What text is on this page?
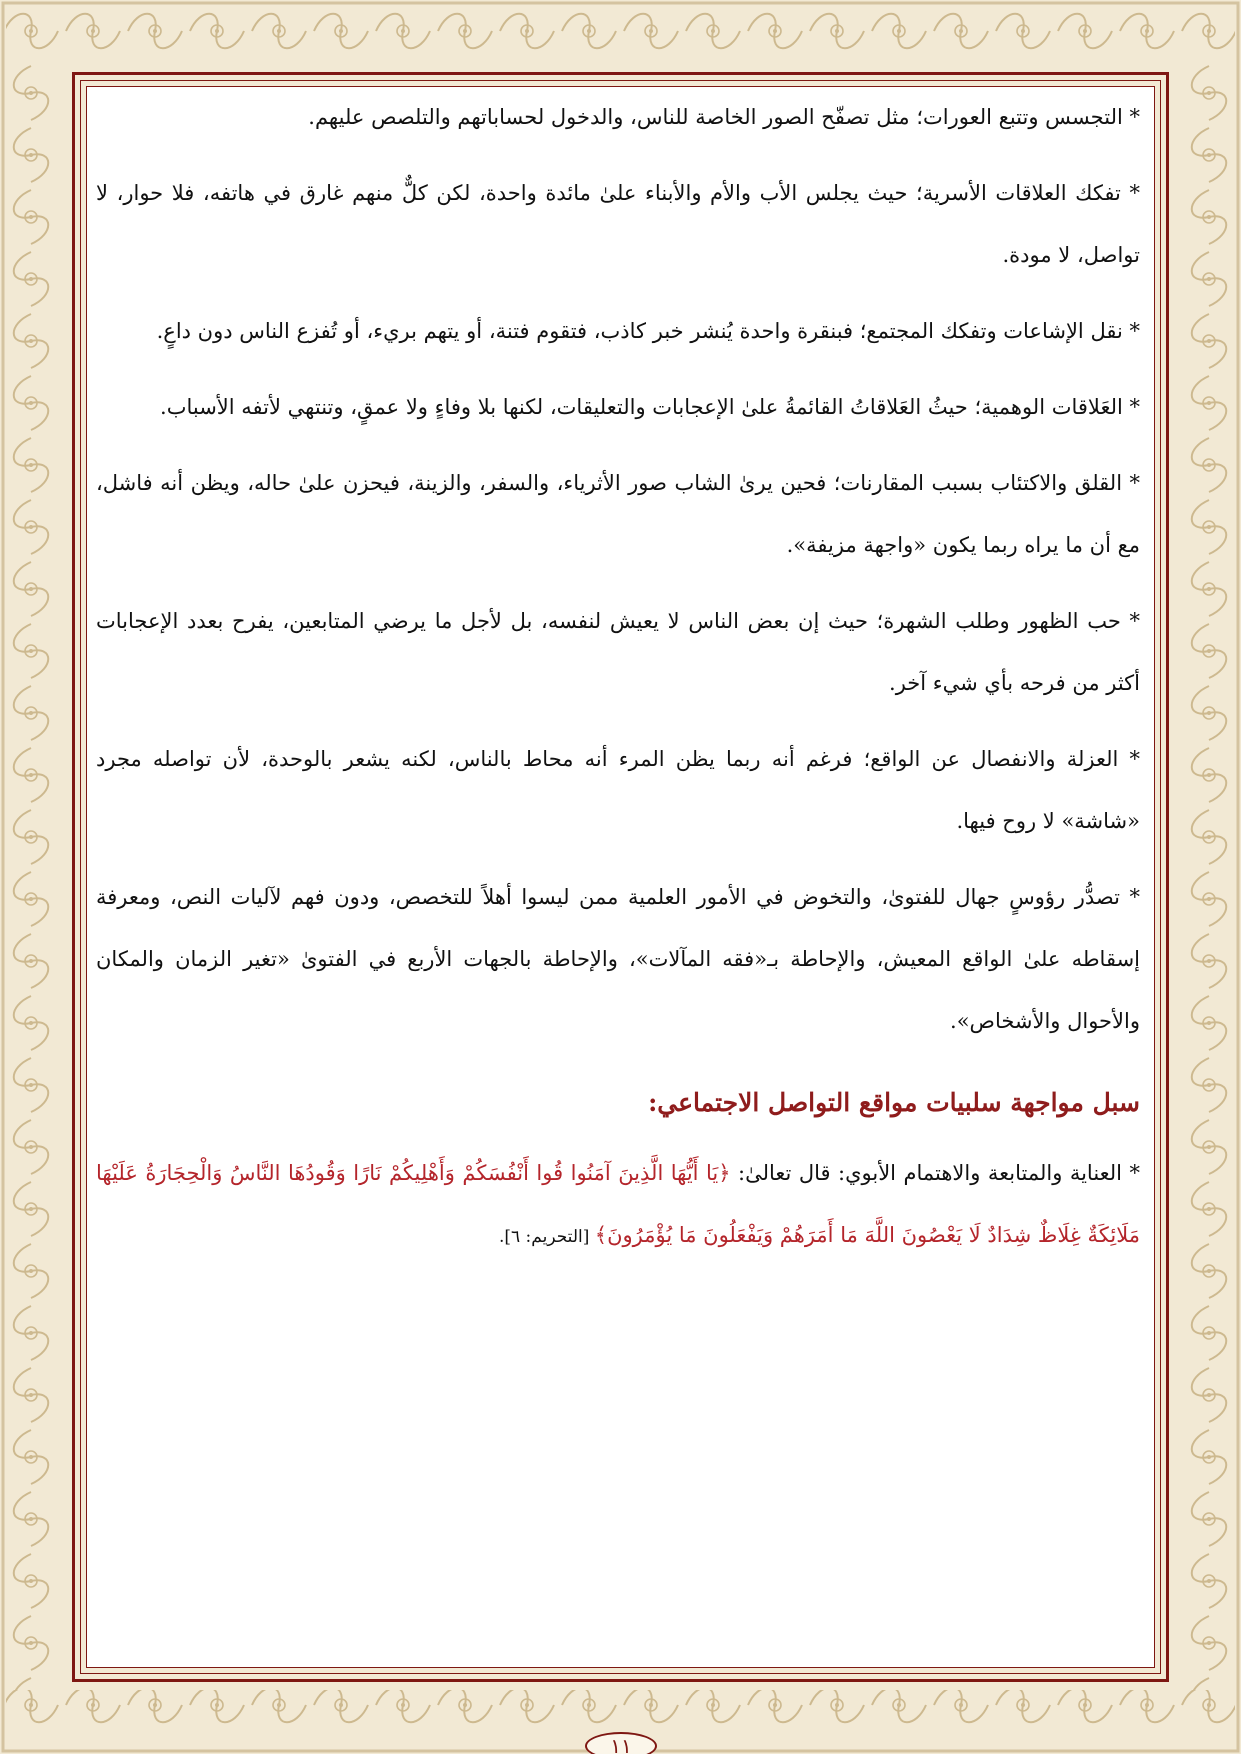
* التجسس وتتبع العورات؛ مثل تصفّح الصور الخاصة للناس، والدخول لحساباتهم والتلصص عليهم.

* تفكك العلاقات الأسرية؛ حيث يجلس الأب والأم والأبناء علىٰ مائدة واحدة، لكن كلٌّ منهم غارق في هاتفه، فلا حوار، لا تواصل، لا مودة.

* نقل الإشاعات وتفكك المجتمع؛ فبنقرة واحدة يُنشر خبر كاذب، فتقوم فتنة، أو يتهم بريء، أو تُفزع الناس دون داعٍ.

* العَلاقات الوهمية؛ حيثُ العَلاقاتُ القائمةُ علىٰ الإعجابات والتعليقات، لكنها بلا وفاءٍ ولا عمقٍ، وتنتهي لأتفه الأسباب.

* القلق والاكتئاب بسبب المقارنات؛ فحين يرىٰ الشاب صور الأثرياء، والسفر، والزينة، فيحزن علىٰ حاله، ويظن أنه فاشل، مع أن ما يراه ربما يكون «واجهة مزيفة».

* حب الظهور وطلب الشهرة؛ حيث إن بعض الناس لا يعيش لنفسه، بل لأجل ما يرضي المتابعين، يفرح بعدد الإعجابات أكثر من فرحه بأي شيء آخر.

* العزلة والانفصال عن الواقع؛ فرغم أنه ربما يظن المرء أنه محاط بالناس، لكنه يشعر بالوحدة، لأن تواصله مجرد «شاشة» لا روح فيها.

* تصدُّر رؤوسٍ جهال للفتوىٰ، والتخوض في الأمور العلمية ممن ليسوا أهلاً للتخصص، ودون فهم لآليات النص، ومعرفة إسقاطه علىٰ الواقع المعيش، والإحاطة بـ«فقه المآلات»، والإحاطة بالجهات الأربع في الفتوىٰ «تغير الزمان والمكان والأحوال والأشخاص».

سبل مواجهة سلبيات مواقع التواصل الاجتماعي:

* العناية والمتابعة والاهتمام الأبوي: قال تعالىٰ: ﴿يَا أَيُّهَا الَّذِينَ آمَنُوا قُوا أَنْفُسَكُمْ وَأَهْلِيكُمْ نَارًا وَقُودُهَا النَّاسُ وَالْحِجَارَةُ عَلَيْهَا مَلَائِكَةٌ غِلَاظٌ شِدَادٌ لَا يَعْصُونَ اللَّهَ مَا أَمَرَهُمْ وَيَفْعَلُونَ مَا يُؤْمَرُونَ﴾ [التحريم: ٦].

١١
